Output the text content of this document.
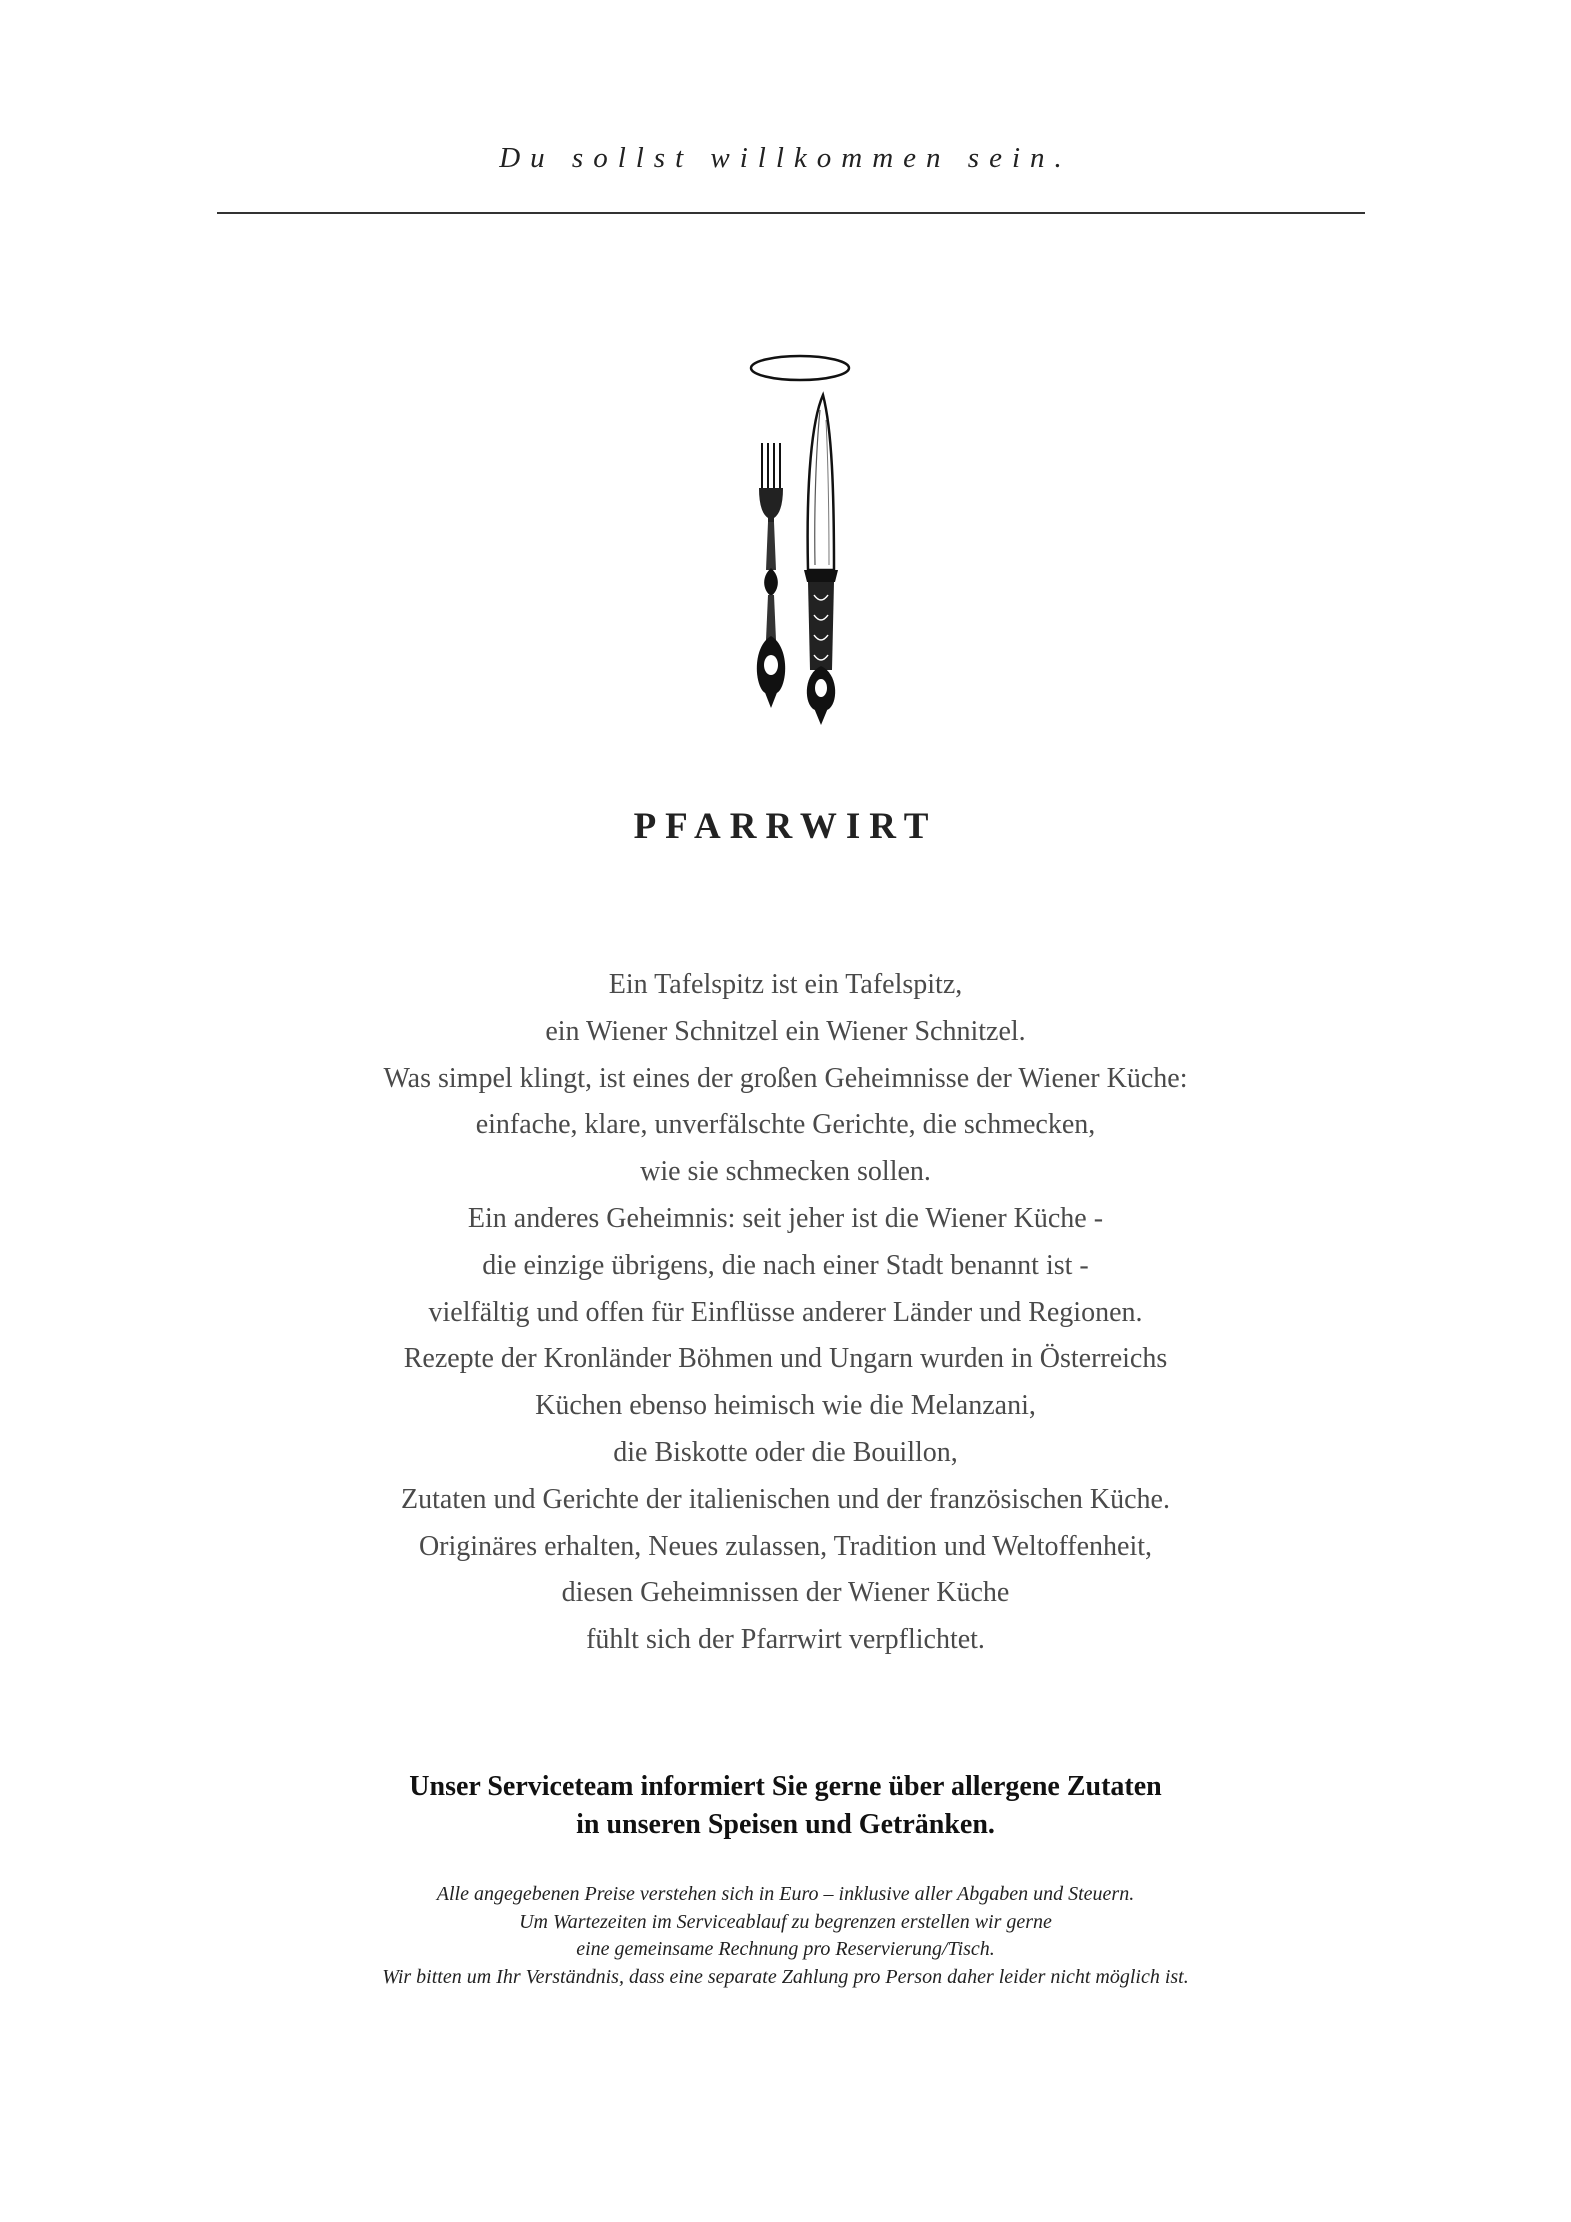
Du sollst willkommen sein.
PFARRWIRT
Ein Tafelspitz ist ein Tafelspitz,
ein Wiener Schnitzel ein Wiener Schnitzel.
Was simpel klingt, ist eines der großen Geheimnisse der Wiener Küche:
einfache, klare, unverfälschte Gerichte, die schmecken,
wie sie schmecken sollen.
Ein anderes Geheimnis: seit jeher ist die Wiener Küche -
die einzige übrigens, die nach einer Stadt benannt ist -
vielfältig und offen für Einflüsse anderer Länder und Regionen.
Rezepte der Kronländer Böhmen und Ungarn wurden in Österreichs
Küchen ebenso heimisch wie die Melanzani,
die Biskotte oder die Bouillon,
Zutaten und Gerichte der italienischen und der französischen Küche.
Originäres erhalten, Neues zulassen, Tradition und Weltoffenheit,
diesen Geheimnissen der Wiener Küche
fühlt sich der Pfarrwirt verpflichtet.
Unser Serviceteam informiert Sie gerne über allergene Zutaten
in unseren Speisen und Getränken.
Alle angegebenen Preise verstehen sich in Euro – inklusive aller Abgaben und Steuern.
Um Wartezeiten im Serviceablauf zu begrenzen erstellen wir gerne
eine gemeinsame Rechnung pro Reservierung/Tisch.
Wir bitten um Ihr Verständnis, dass eine separate Zahlung pro Person daher leider nicht möglich ist.
